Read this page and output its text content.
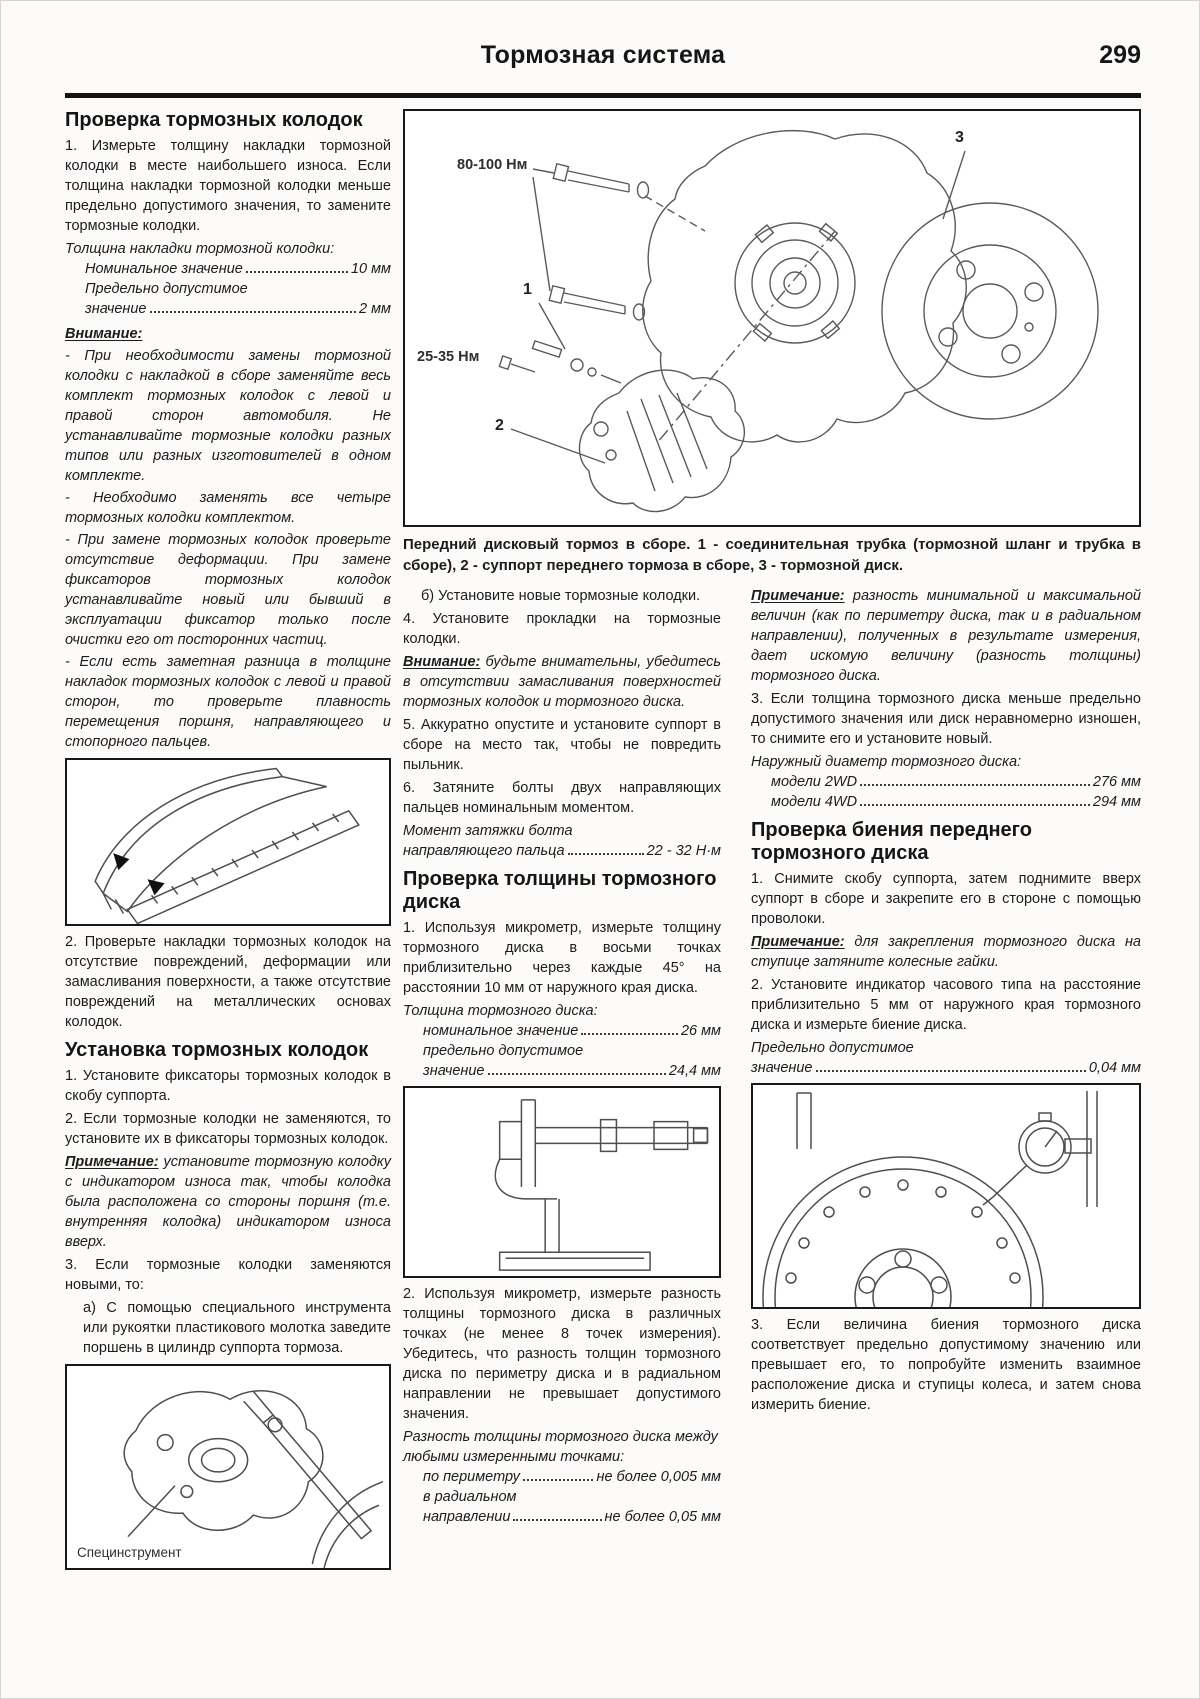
Тормозная система	299
Проверка тормозных колодок

1. Измерьте толщину накладки тормозной колодки в месте наибольшего износа. Если толщина накладки тормозной колодки меньше предельно допустимого значения, то замените тормозные колодки.

Толщина накладки тормозной колодки:
Номинальное значение	10 мм
Предельно допустимое
значение	2 мм

Внимание:

- При необходимости замены тормозной колодки с накладкой в сборе заменяйте весь комплект тормозных колодок с левой и правой сторон автомобиля. Не устанавливайте тормозные колодки разных типов или разных изготовителей в одном комплекте.

- Необходимо заменять все четыре тормозных колодки комплектом.

- При замене тормозных колодок проверьте отсутствие деформации. При замене фиксаторов тормозных колодок устанавливайте новый или бывший в эксплуатации фиксатор только после очистки его от посторонних частиц.

- Если есть заметная разница в толщине накладок тормозных колодок с левой и правой сторон, то проверьте плавность перемещения поршня, направляющего и стопорного пальцев.

2. Проверьте накладки тормозных колодок на отсутствие повреждений, деформации или замасливания поверхности, а также отсутствие повреждений на металлических основах колодок.

Установка тормозных колодок

1. Установите фиксаторы тормозных колодок в скобу суппорта.

2. Если тормозные колодки не заменяются, то установите их в фиксаторы тормозных колодок.

Примечание: установите тормозную колодку с индикатором износа так, чтобы колодка была расположена со стороны поршня (т.е. внутренняя колодка) индикатором износа вверх.

3. Если тормозные колодки заменяются новыми, то:

а) С помощью специального инструмента или рукоятки пластикового молотка заведите поршень в цилиндр суппорта тормоза.

Специнструмент
80-100 Нм
25-35 Нм
1
2
3

Передний дисковый тормоз в сборе. 1 - соединительная трубка (тормозной шланг и трубка в сборе), 2 - суппорт переднего тормоза в сборе, 3 - тормозной диск.

б) Установите новые тормозные колодки.

4. Установите прокладки на тормозные колодки.

Внимание: будьте внимательны, убедитесь в отсутствии замасливания поверхностей тормозных колодок и тормозного диска.

5. Аккуратно опустите и установите суппорт в сборе на место так, чтобы не повредить пыльник.

6. Затяните болты двух направляющих пальцев номинальным моментом.

Момент затяжки болта
направляющего пальца	22 - 32 Н·м
Проверка толщины тормозного диска

1. Используя микрометр, измерьте толщину тормозного диска в восьми точках приблизительно через каждые 45° на расстоянии 10 мм от наружного края диска.

Толщина тормозного диска:
номинальное значение	26 мм
предельно допустимое
значение	24,4 мм

2. Используя микрометр, измерьте разность толщины тормозного диска в различных точках (не менее 8 точек измерения). Убедитесь, что разность толщин тормозного диска по периметру диска и в радиальном направлении не превышает допустимого значения.

Разность толщины тормозного диска между любыми измеренными точками:
по периметру	не более 0,005 мм
в радиальном
направлении	не более 0,05 мм

Примечание: разность минимальной и максимальной величин (как по периметру диска, так и в радиальном направлении), полученных в результате измерения, дает искомую величину (разность толщины) тормозного диска.

3. Если толщина тормозного диска меньше предельно допустимого значения или диск неравномерно изношен, то снимите его и установите новый.

Наружный диаметр тормозного диска:
модели 2WD	276 мм
модели 4WD	294 мм
Проверка биения переднего тормозного диска

1. Снимите скобу суппорта, затем поднимите вверх суппорт в сборе и закрепите его в стороне с помощью проволоки.

Примечание: для закрепления тормозного диска на ступице затяните колесные гайки.

2. Установите индикатор часового типа на расстояние приблизительно 5 мм от наружного края тормозного диска и измерьте биение диска.

Предельно допустимое
значение	0,04 мм

3. Если величина биения тормозного диска соответствует предельно допустимому значению или превышает его, то попробуйте изменить взаимное расположение диска и ступицы колеса, и затем снова измерить биение.
